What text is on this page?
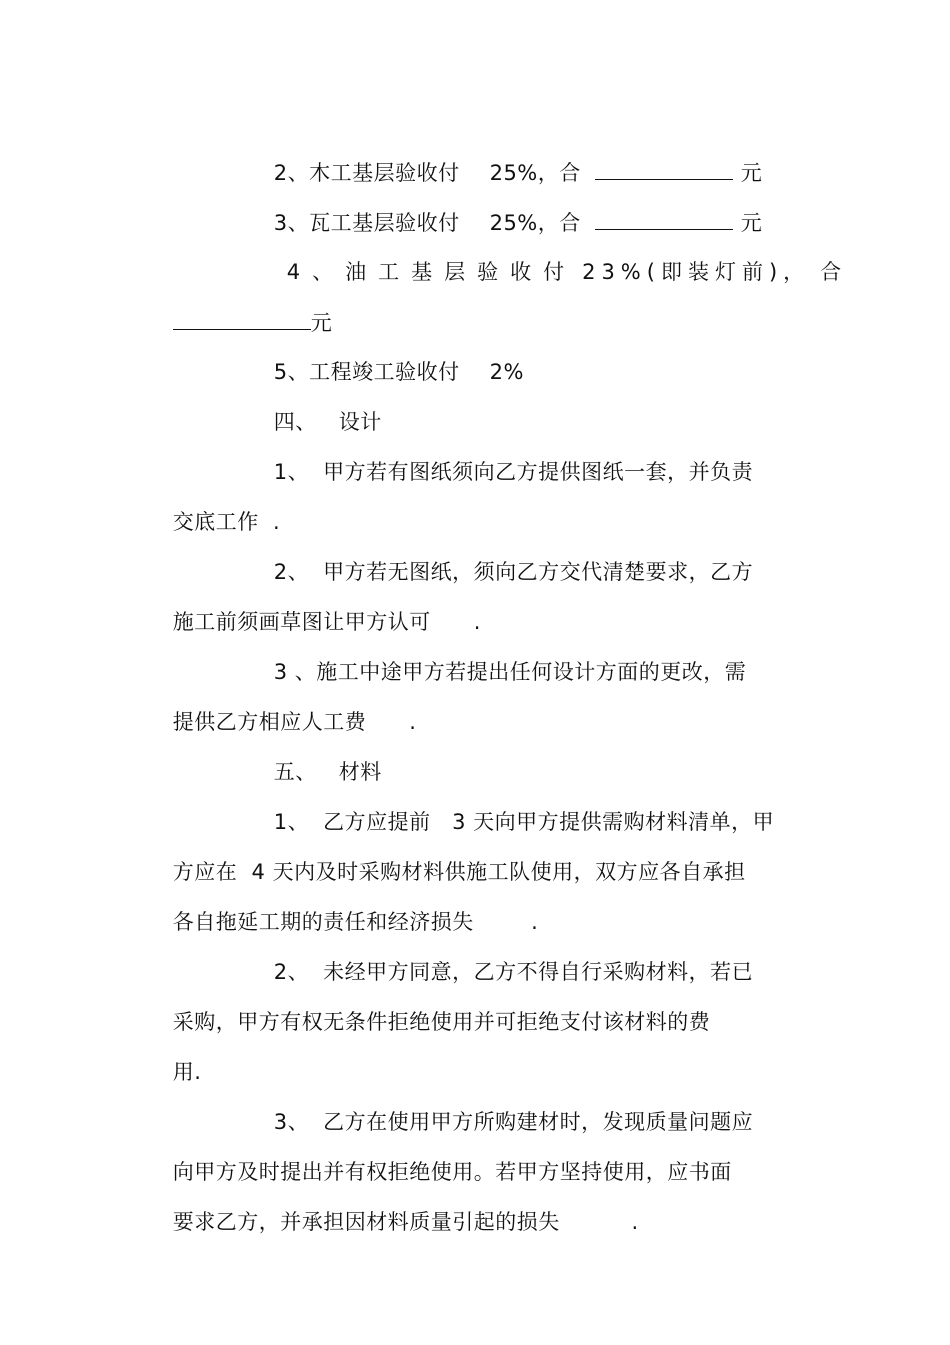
2、木工基层验收付 25%，合	元

3、瓦工基层验收付 25%，合	元

4、油工基层验收付 23%(即装灯前)， 合

元

5、工程竣工验收付 2%

四、 设计

1、 甲方若有图纸须向乙方提供图纸一套，并负责

交底工作  .

2、 甲方若无图纸，须向乙方交代清楚要求，乙方

施工前须画草图让甲方认可      .

3 、施工中途甲方若提出任何设计方面的更改，需

提供乙方相应人工费      .

五、 材料

1、 乙方应提前   3 天向甲方提供需购材料清单，甲

方应在  4 天内及时采购材料供施工队使用，双方应各自承担

各自拖延工期的责任和经济损失        .

2、 未经甲方同意，乙方不得自行采购材料，若已

采购，甲方有权无条件拒绝使用并可拒绝支付该材料的费

用.

3、 乙方在使用甲方所购建材时，发现质量问题应

向甲方及时提出并有权拒绝使用。若甲方坚持使用，应书面

要求乙方，并承担因材料质量引起的损失          .
